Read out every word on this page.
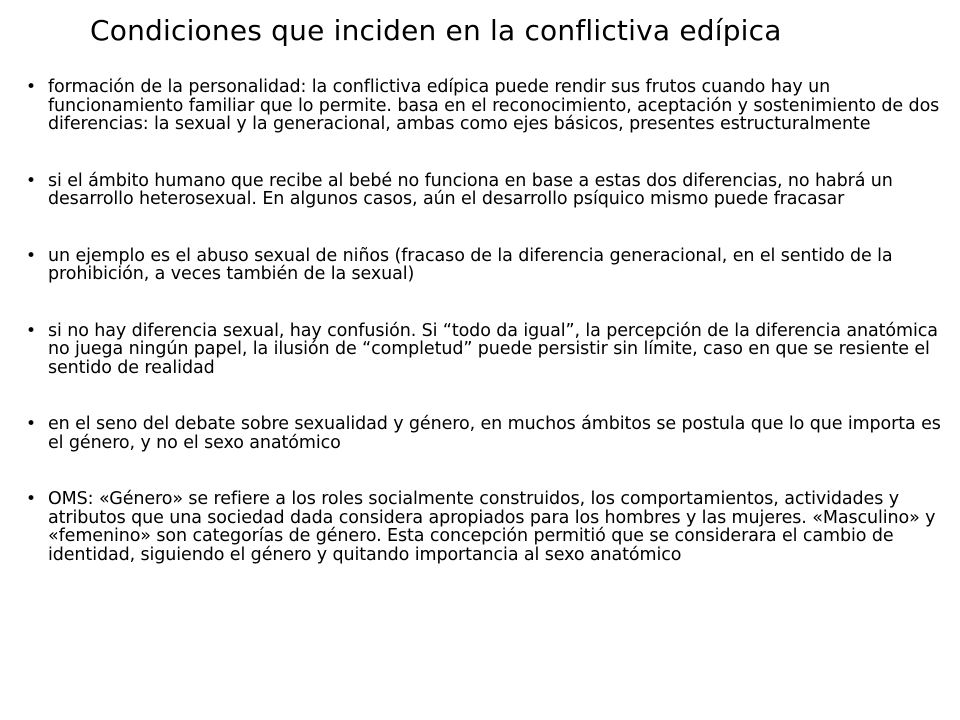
Condiciones que inciden en la conflictiva edípica
• formación de la personalidad: la conflictiva edípica puede rendir sus frutos cuando hay un funcionamiento familiar que lo permite. basa en el reconocimiento, aceptación y sostenimiento de dos diferencias: la sexual y la generacional, ambas como ejes básicos, presentes estructuralmente
• si el ámbito humano que recibe al bebé no funciona en base a estas dos diferencias, no habrá un desarrollo heterosexual. En algunos casos, aún el desarrollo psíquico mismo puede fracasar
• un ejemplo es el abuso sexual de niños (fracaso de la diferencia generacional, en el sentido de la prohibición, a veces también de la sexual)
• si no hay diferencia sexual, hay confusión. Si “todo da igual”, la percepción de la diferencia anatómica no juega ningún papel, la ilusión de “completud” puede persistir sin límite, caso en que se resiente el sentido de realidad
• en el seno del debate sobre sexualidad y género, en muchos ámbitos se postula que lo que importa es el género, y no el sexo anatómico
• OMS: «Género» se refiere a los roles socialmente construidos, los comportamientos, actividades y atributos que una sociedad dada considera apropiados para los hombres y las mujeres. «Masculino» y «femenino» son categorías de género. Esta concepción permitió que se considerara el cambio de identidad, siguiendo el género y quitando importancia al sexo anatómico
